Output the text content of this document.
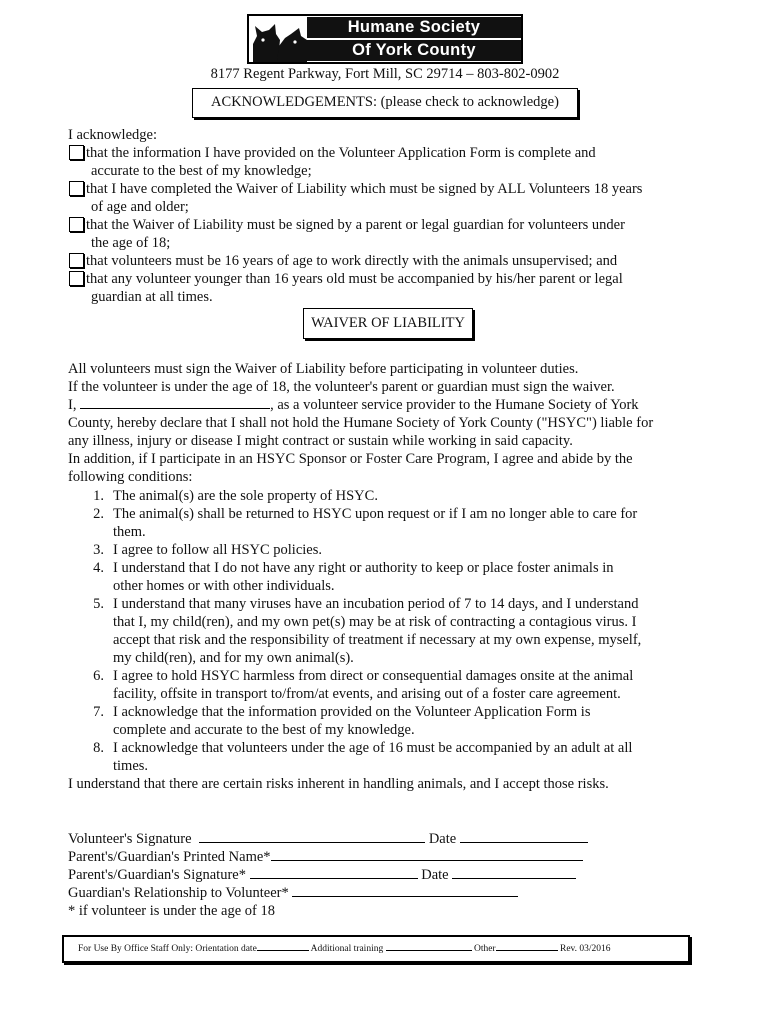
Humane Society
Of York County
8177 Regent Parkway, Fort Mill, SC 29714 – 803-802-0902
ACKNOWLEDGEMENTS: (please check to acknowledge)
I acknowledge:
that the information I have provided on the Volunteer Application Form is complete and
accurate to the best of my knowledge;
that I have completed the Waiver of Liability which must be signed by ALL Volunteers 18 years
of age and older;
that the Waiver of Liability must be signed by a parent or legal guardian for volunteers under
the age of 18;
that volunteers must be 16 years of age to work directly with the animals unsupervised; and
that any volunteer younger than 16 years old must be accompanied by his/her parent or legal
guardian at all times.
WAIVER OF LIABILITY
All volunteers must sign the Waiver of Liability before participating in volunteer duties.
If the volunteer is under the age of 18, the volunteer's parent or guardian must sign the waiver.
I,	, as a volunteer service provider to the Humane Society of York
County, hereby declare that I shall not hold the Humane Society of York County ("HSYC") liable for
any illness, injury or disease I might contract or sustain while working in said capacity.
In addition, if I participate in an HSYC Sponsor or Foster Care Program, I agree and abide by the
following conditions:
1. The animal(s) are the sole property of HSYC.
2. The animal(s) shall be returned to HSYC upon request or if I am no longer able to care for
them.
3. I agree to follow all HSYC policies.
4. I understand that I do not have any right or authority to keep or place foster animals in
other homes or with other individuals.
5. I understand that many viruses have an incubation period of 7 to 14 days, and I understand
that I, my child(ren), and my own pet(s) may be at risk of contracting a contagious virus. I
accept that risk and the responsibility of treatment if necessary at my own expense, myself,
my child(ren), and for my own animal(s).
6. I agree to hold HSYC harmless from direct or consequential damages onsite at the animal
facility, offsite in transport to/from/at events, and arising out of a foster care agreement.
7. I acknowledge that the information provided on the Volunteer Application Form is
complete and accurate to the best of my knowledge.
8. I acknowledge that volunteers under the age of 16 must be accompanied by an adult at all
times.
I understand that there are certain risks inherent in handling animals, and I accept those risks.
Volunteer's Signature	Date
Parent's/Guardian's Printed Name*
Parent's/Guardian's Signature*	Date
Guardian's Relationship to Volunteer*
* if volunteer is under the age of 18
For Use By Office Staff Only: Orientation date	Additional training	Other	Rev. 03/2016
